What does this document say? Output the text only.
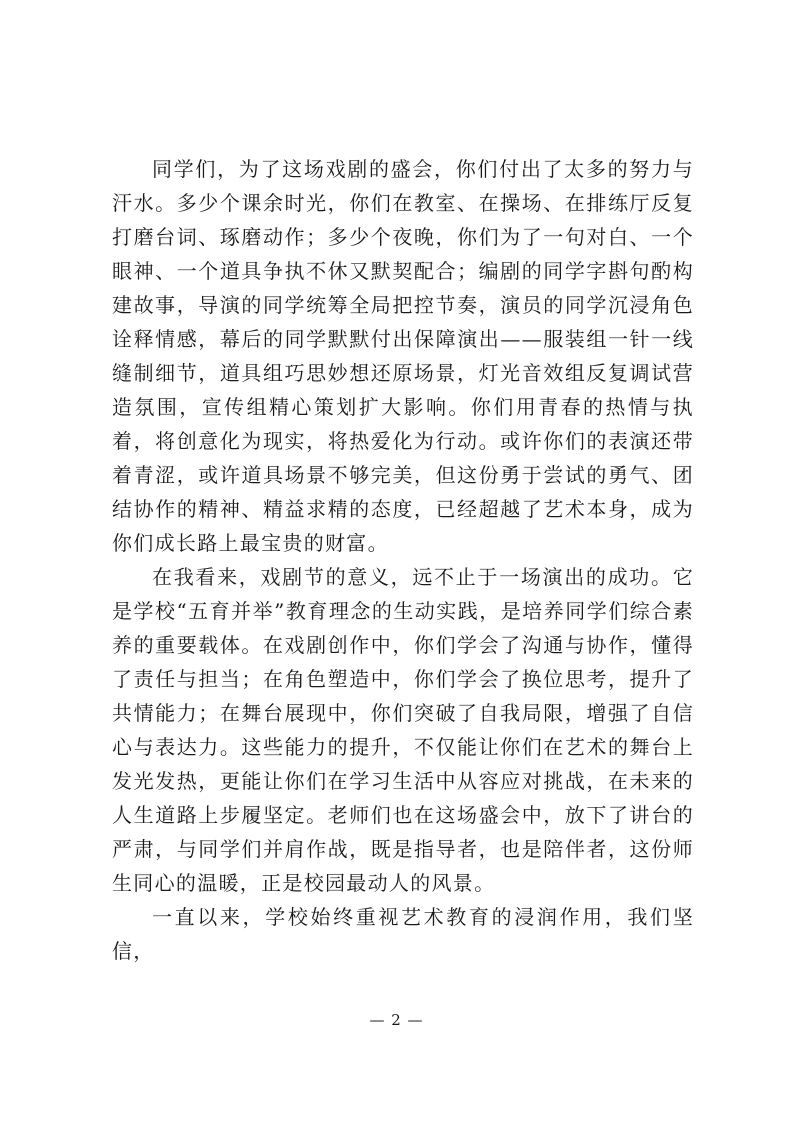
同学们，为了这场戏剧的盛会，你们付出了太多的努力与汗水。多少个课余时光，你们在教室、在操场、在排练厅反复打磨台词、琢磨动作；多少个夜晚，你们为了一句对白、一个眼神、一个道具争执不休又默契配合；编剧的同学字斟句酌构建故事，导演的同学统筹全局把控节奏，演员的同学沉浸角色诠释情感，幕后的同学默默付出保障演出——服装组一针一线缝制细节，道具组巧思妙想还原场景，灯光音效组反复调试营造氛围，宣传组精心策划扩大影响。你们用青春的热情与执着，将创意化为现实，将热爱化为行动。或许你们的表演还带着青涩，或许道具场景不够完美，但这份勇于尝试的勇气、团结协作的精神、精益求精的态度，已经超越了艺术本身，成为你们成长路上最宝贵的财富。

在我看来，戏剧节的意义，远不止于一场演出的成功。它是学校“五育并举”教育理念的生动实践，是培养同学们综合素养的重要载体。在戏剧创作中，你们学会了沟通与协作，懂得了责任与担当；在角色塑造中，你们学会了换位思考，提升了共情能力；在舞台展现中，你们突破了自我局限，增强了自信心与表达力。这些能力的提升，不仅能让你们在艺术的舞台上发光发热，更能让你们在学习生活中从容应对挑战，在未来的人生道路上步履坚定。老师们也在这场盛会中，放下了讲台的严肃，与同学们并肩作战，既是指导者，也是陪伴者，这份师生同心的温暖，正是校园最动人的风景。

一直以来，学校始终重视艺术教育的浸润作用，我们坚信，

— 2 —
